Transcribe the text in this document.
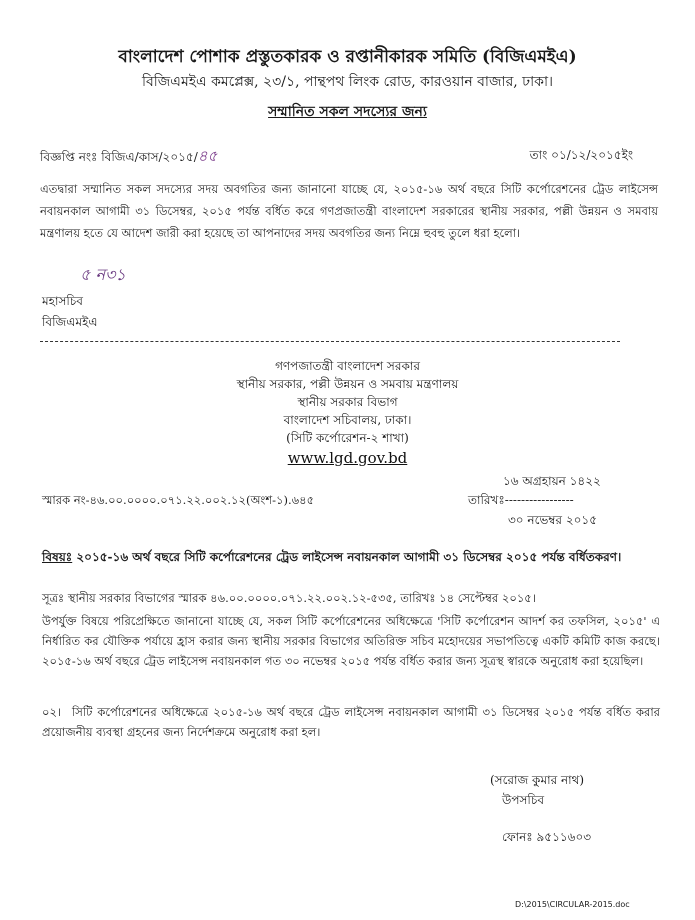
বাংলাদেশ পোশাক প্রস্তুতকারক ও রপ্তানীকারক সমিতি (বিজিএমইএ)
বিজিএমইএ কমপ্লেক্স, ২৩/১, পান্থপথ লিংক রোড, কারওয়ান বাজার, ঢাকা।
সম্মানিত সকল সদস্যের জন্য
বিজ্ঞপ্তি নংঃ বিজিএ/কাস/২০১৫/৪৫	তাং ০১/১২/২০১৫ইং
এতদ্বারা সম্মানিত সকল সদস্যের সদয় অবগতির জন্য জানানো যাচ্ছে যে, ২০১৫-১৬ অর্থ বছরে সিটি কর্পোরেশনের ট্রেড লাইসেন্স নবায়নকাল আগামী ৩১ ডিসেম্বর, ২০১৫ পর্যন্ত বর্ধিত করে গণপ্রজাতন্ত্রী বাংলাদেশ সরকারের স্থানীয় সরকার, পল্লী উন্নয়ন ও সমবায় মন্ত্রণালয় হতে যে আদেশ জারী করা হয়েছে তা আপনাদের সদয় অবগতির জন্য নিম্নে হুবহু তুলে ধরা হলো।
৫ ন৩১
মহাসচিব
বিজিএমইএ
গণপজাতন্ত্রী বাংলাদেশ সরকার
স্থানীয় সরকার, পল্লী উন্নয়ন ও সমবায় মন্ত্রণালয়
স্থানীয় সরকার বিভাগ
বাংলাদেশ সচিবালয়, ঢাকা।
(সিটি কর্পোরেশন-২ শাখা)
www.lgd.gov.bd
১৬ অগ্রহায়ন ১৪২২
স্মারক নং-৪৬.০০.০০০০.০৭১.২২.০০২.১২(অংশ-১).৬৪৫	তারিখঃ-----------------
৩০ নভেম্বর ২০১৫
বিষয়ঃ ২০১৫-১৬ অর্থ বছরে সিটি কর্পোরেশনের ট্রেড লাইসেন্স নবায়নকাল আগামী ৩১ ডিসেম্বর ২০১৫ পর্যন্ত বর্ধিতকরণ।
সূত্রঃ স্থানীয় সরকার বিভাগের স্মারক ৪৬.০০.০০০০.০৭১.২২.০০২.১২-৫৩৫, তারিখঃ ১৪ সেপ্টেম্বর ২০১৫।
উপর্যুক্ত বিষয়ে পরিপ্রেক্ষিতে জানানো যাচ্ছে যে, সকল সিটি কর্পোরেশনের অধিক্ষেত্রে 'সিটি কর্পোরেশন আদর্শ কর তফসিল, ২০১৫' এ নির্ধারিত কর যৌক্তিক পর্যায়ে হ্রাস করার জন্য স্থানীয় সরকার বিভাগের অতিরিক্ত সচিব মহোদয়ের সভাপতিত্বে একটি কমিটি কাজ করছে। ২০১৫-১৬ অর্থ বছরে ট্রেড লাইসেন্স নবায়নকাল গত ৩০ নভেম্বর ২০১৫ পর্যন্ত বর্ধিত করার জন্য সূত্রস্থ স্বারকে অনুরোধ করা হয়েছিল।
০২। সিটি কর্পোরেশনের অধিক্ষেত্রে ২০১৫-১৬ অর্থ বছরে ট্রেড লাইসেন্স নবায়নকাল আগামী ৩১ ডিসেম্বর ২০১৫ পর্যন্ত বর্ধিত করার প্রয়োজনীয় ব্যবস্থা গ্রহনের জন্য নির্দেশক্রমে অনুরোধ করা হল।
(সরোজ কুমার নাথ)
উপসচিব
ফোনঃ ৯৫১১৬০৩
D:\2015\CIRCULAR-2015.doc
